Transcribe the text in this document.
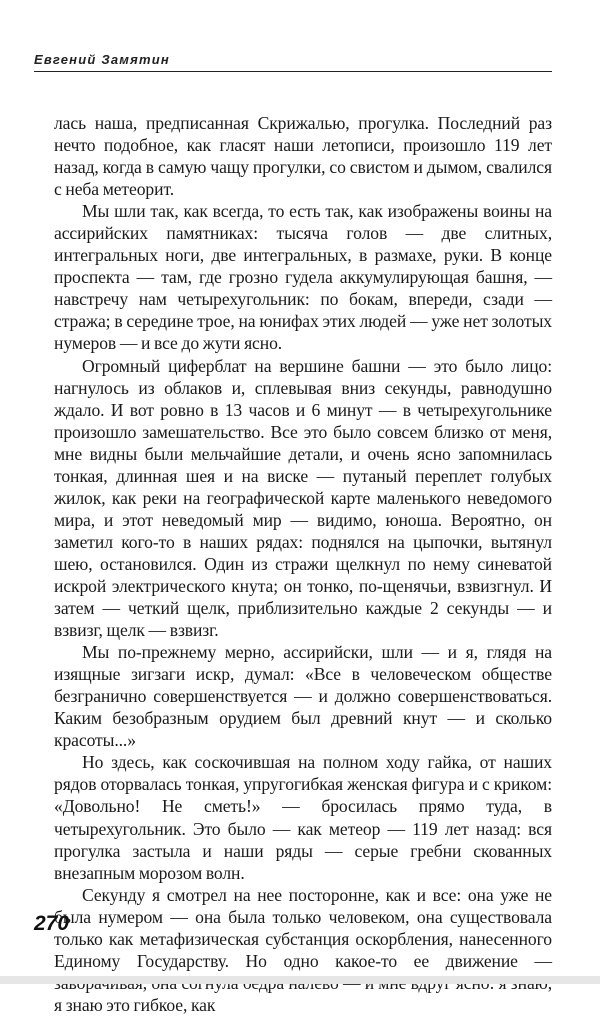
Евгений Замятин

лась наша, предписанная Скрижалью, прогулка. Последний раз нечто подобное, как гласят наши летописи, произошло 119 лет назад, когда в самую чащу прогулки, со свистом и дымом, свалился с неба метеорит.

Мы шли так, как всегда, то есть так, как изображены воины на ассирийских памятниках: тысяча голов — две слитных, интегральных ноги, две интегральных, в размахе, руки. В конце проспекта — там, где грозно гудела аккумулирующая башня, — навстречу нам четырехугольник: по бокам, впереди, сзади — стража; в середине трое, на юнифах этих людей — уже нет золотых нумеров — и все до жути ясно.

Огромный циферблат на вершине башни — это было лицо: нагнулось из облаков и, сплевывая вниз секунды, равнодушно ждало. И вот ровно в 13 часов и 6 минут — в четырехугольнике произошло замешательство. Все это было совсем близко от меня, мне видны были мельчайшие детали, и очень ясно запомнилась тонкая, длинная шея и на виске — путаный переплет голубых жилок, как реки на географической карте маленького неведомого мира, и этот неведомый мир — видимо, юноша. Вероятно, он заметил кого-то в наших рядах: поднялся на цыпочки, вытянул шею, остановился. Один из стражи щелкнул по нему синеватой искрой электрического кнута; он тонко, по-щенячьи, взвизгнул. И затем — четкий щелк, приблизительно каждые 2 секунды — и взвизг, щелк — взвизг.

Мы по-прежнему мерно, ассирийски, шли — и я, глядя на изящные зигзаги искр, думал: «Все в человеческом обществе безгранично совершенствуется — и должно совершенствоваться. Каким безобразным орудием был древний кнут — и сколько красоты...»

Но здесь, как соскочившая на полном ходу гайка, от наших рядов оторвалась тонкая, упругогибкая женская фигура и с криком: «Довольно! Не сметь!» — бросилась прямо туда, в четырехугольник. Это было — как метеор — 119 лет назад: вся прогулка застыла и наши ряды — серые гребни скованных внезапным морозом волн.

Секунду я смотрел на нее посторонне, как и все: она уже не была нумером — она была только человеком, она существовала только как метафизическая субстанция оскорбления, нанесенного Единому Государству. Но одно какое-то ее движение — я знаю это гибкое, как

270
